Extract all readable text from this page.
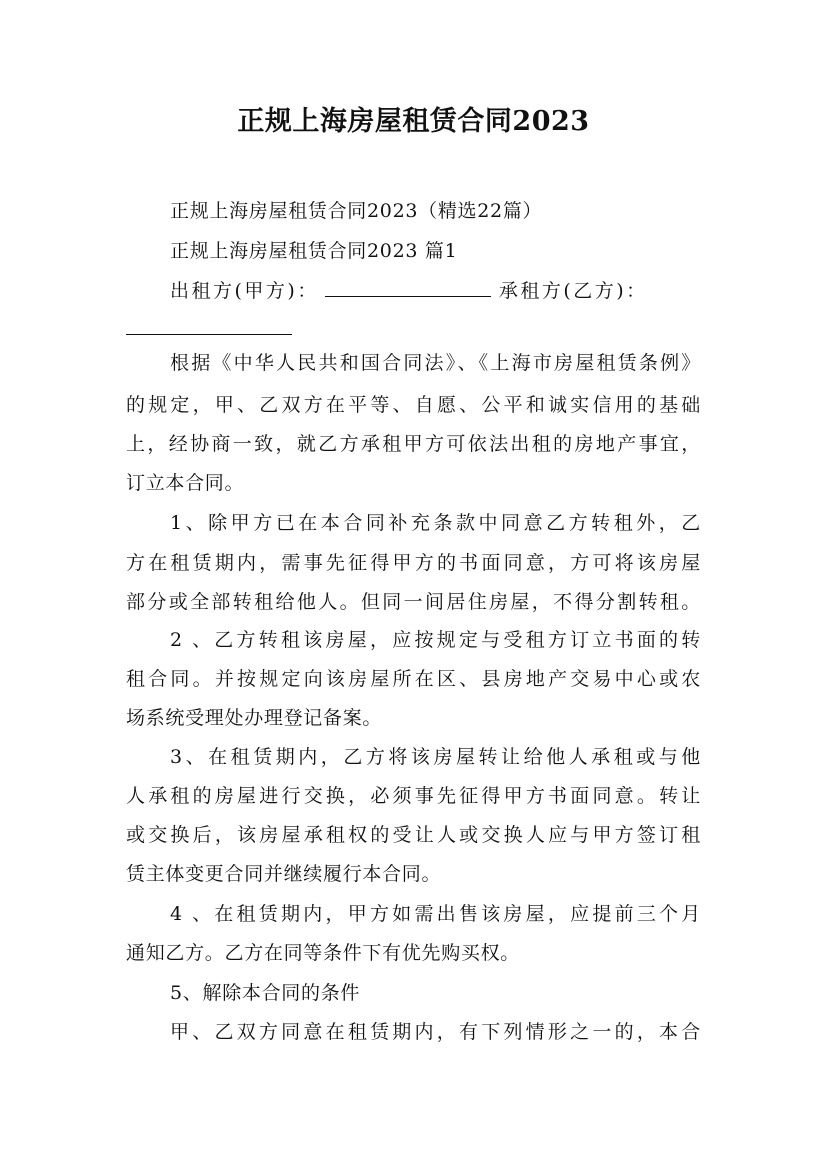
正规上海房屋租赁合同2023
正规上海房屋租赁合同2023（精选22篇）
正规上海房屋租赁合同2023 篇1
出租方(甲方)：	承租方(乙方)：
根据《中华人民共和国合同法》、《上海市房屋租赁条例》
的规定，甲、乙双方在平等、自愿、公平和诚实信用的基础
上，经协商一致，就乙方承租甲方可依法出租的房地产事宜，
订立本合同。
1、除甲方已在本合同补充条款中同意乙方转租外，乙
方在租赁期内，需事先征得甲方的书面同意，方可将该房屋
部分或全部转租给他人。但同一间居住房屋，不得分割转租。
2 、乙方转租该房屋，应按规定与受租方订立书面的转
租合同。并按规定向该房屋所在区、县房地产交易中心或农
场系统受理处办理登记备案。
3、在租赁期内，乙方将该房屋转让给他人承租或与他
人承租的房屋进行交换，必须事先征得甲方书面同意。转让
或交换后，该房屋承租权的受让人或交换人应与甲方签订租
赁主体变更合同并继续履行本合同。
4 、在租赁期内，甲方如需出售该房屋，应提前三个月
通知乙方。乙方在同等条件下有优先购买权。
5、解除本合同的条件
甲、乙双方同意在租赁期内，有下列情形之一的，本合
